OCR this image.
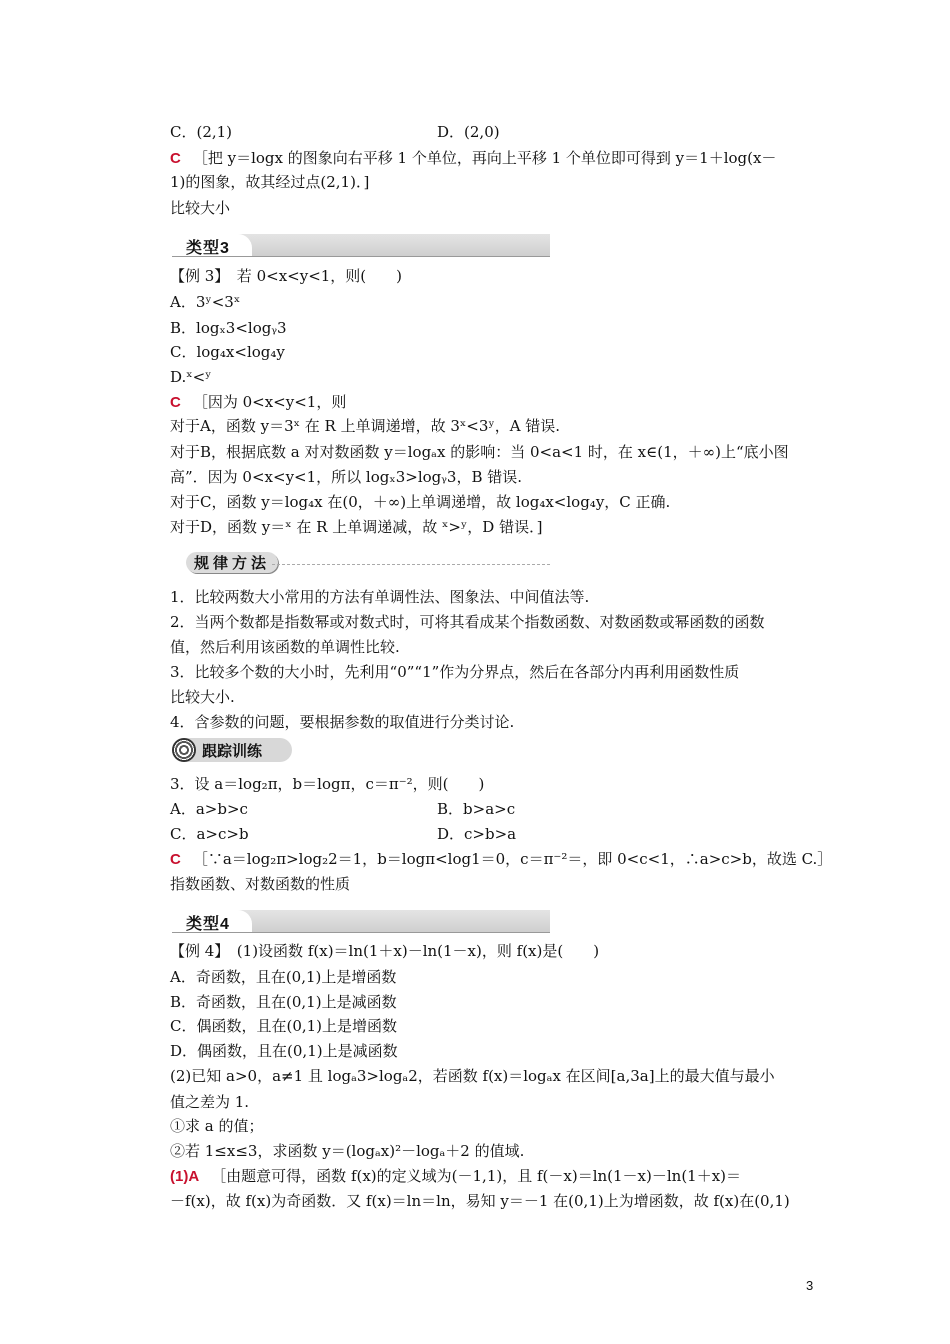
C．(2,1)	D．(2,0)
C ［把 y＝logx 的图象向右平移 1 个单位，再向上平移 1 个单位即可得到 y＝1＋log(x－
1)的图象，故其经过点(2,1)．]
比较大小
类型3
【例 3】　若 0<x<y<1，则(　　)
A．3ʸ<3ˣ
B．logₓ3<logᵧ3
C．log₄x<log₄y
D.ˣ<ʸ
C ［因为 0<x<y<1，则
对于A，函数 y＝3ˣ 在 R 上单调递增，故 3ˣ<3ʸ，A 错误.
对于B，根据底数 a 对对数函数 y＝logₐx 的影响：当 0<a<1 时，在 x∈(1，＋∞)上“底小图
高”．因为 0<x<y<1，所以 logₓ3>logᵧ3，B 错误.
对于C，函数 y＝log₄x 在(0，＋∞)上单调递增，故 log₄x<log₄y，C 正确.
对于D，函数 y＝ˣ 在 R 上单调递减，故 ˣ>ʸ，D 错误．]
规律方法
1．比较两数大小常用的方法有单调性法、图象法、中间值法等.
2．当两个数都是指数幂或对数式时，可将其看成某个指数函数、对数函数或幂函数的函数
值，然后利用该函数的单调性比较.
3．比较多个数的大小时，先利用“0”“1”作为分界点，然后在各部分内再利用函数性质
比较大小.
4．含参数的问题，要根据参数的取值进行分类讨论.
跟踪训练
3．设 a＝log₂π，b＝logπ，c＝π⁻²，则(　　)
A．a>b>c	B．b>a>c
C．a>c>b	D．c>b>a
C ［∵a＝log₂π>log₂2＝1，b＝logπ<log1＝0，c＝π⁻²＝，即 0<c<1，∴a>c>b，故选 C.］
指数函数、对数函数的性质
类型4
【例 4】　(1)设函数 f(x)＝ln(1＋x)－ln(1－x)，则 f(x)是(　　)
A．奇函数，且在(0,1)上是增函数
B．奇函数，且在(0,1)上是减函数
C．偶函数，且在(0,1)上是增函数
D．偶函数，且在(0,1)上是减函数
(2)已知 a>0，a≠1 且 logₐ3>logₐ2，若函数 f(x)＝logₐx 在区间[a,3a]上的最大值与最小
值之差为 1.
①求 a 的值；
②若 1≤x≤3，求函数 y＝(logₐx)²－logₐ＋2 的值域.
(1)A ［由题意可得，函数 f(x)的定义域为(－1,1)，且 f(－x)＝ln(1－x)－ln(1＋x)＝
－f(x)，故 f(x)为奇函数．又 f(x)＝ln＝ln，易知 y＝－1 在(0,1)上为增函数，故 f(x)在(0,1)
3
